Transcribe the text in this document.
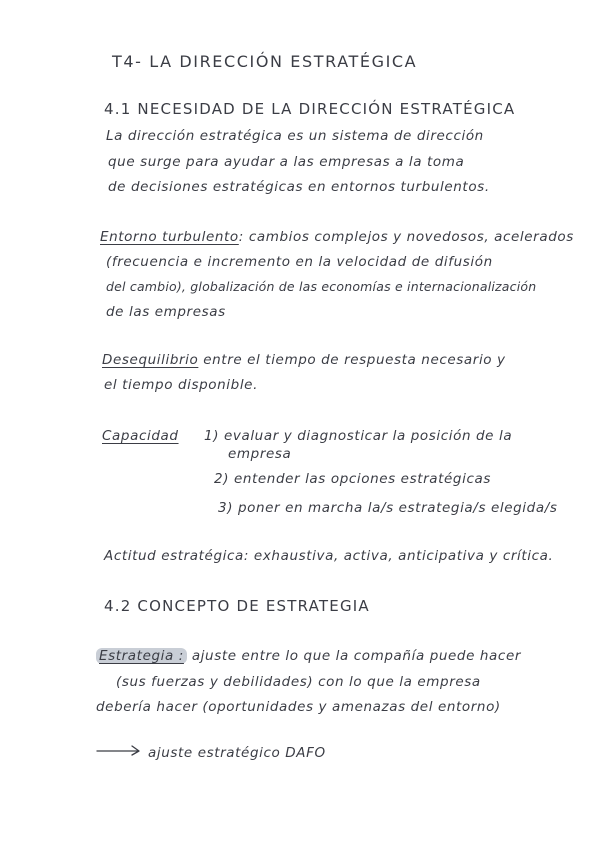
T4- LA DIRECCIÓN ESTRATÉGICA
4.1 NECESIDAD DE LA DIRECCIÓN ESTRATÉGICA
La dirección estratégica es un sistema de dirección
que surge para ayudar a las empresas a la toma
de decisiones estratégicas en entornos turbulentos.
Entorno turbulento: cambios complejos y novedosos, acelerados
(frecuencia e incremento en la velocidad de difusión
del cambio), globalización de las economías e internacionalización
de las empresas
Desequilibrio entre el tiempo de respuesta necesario y
el tiempo disponible.
Capacidad 1) evaluar y diagnosticar la posición de la
empresa
2) entender las opciones estratégicas
3) poner en marcha la/s estrategia/s elegida/s
Actitud estratégica: exhaustiva, activa, anticipativa y crítica.
4.2 CONCEPTO DE ESTRATEGIA
Estrategia : ajuste entre lo que la compañía puede hacer
(sus fuerzas y debilidades) con lo que la empresa
debería hacer (oportunidades y amenazas del entorno)
ajuste estratégico DAFO
